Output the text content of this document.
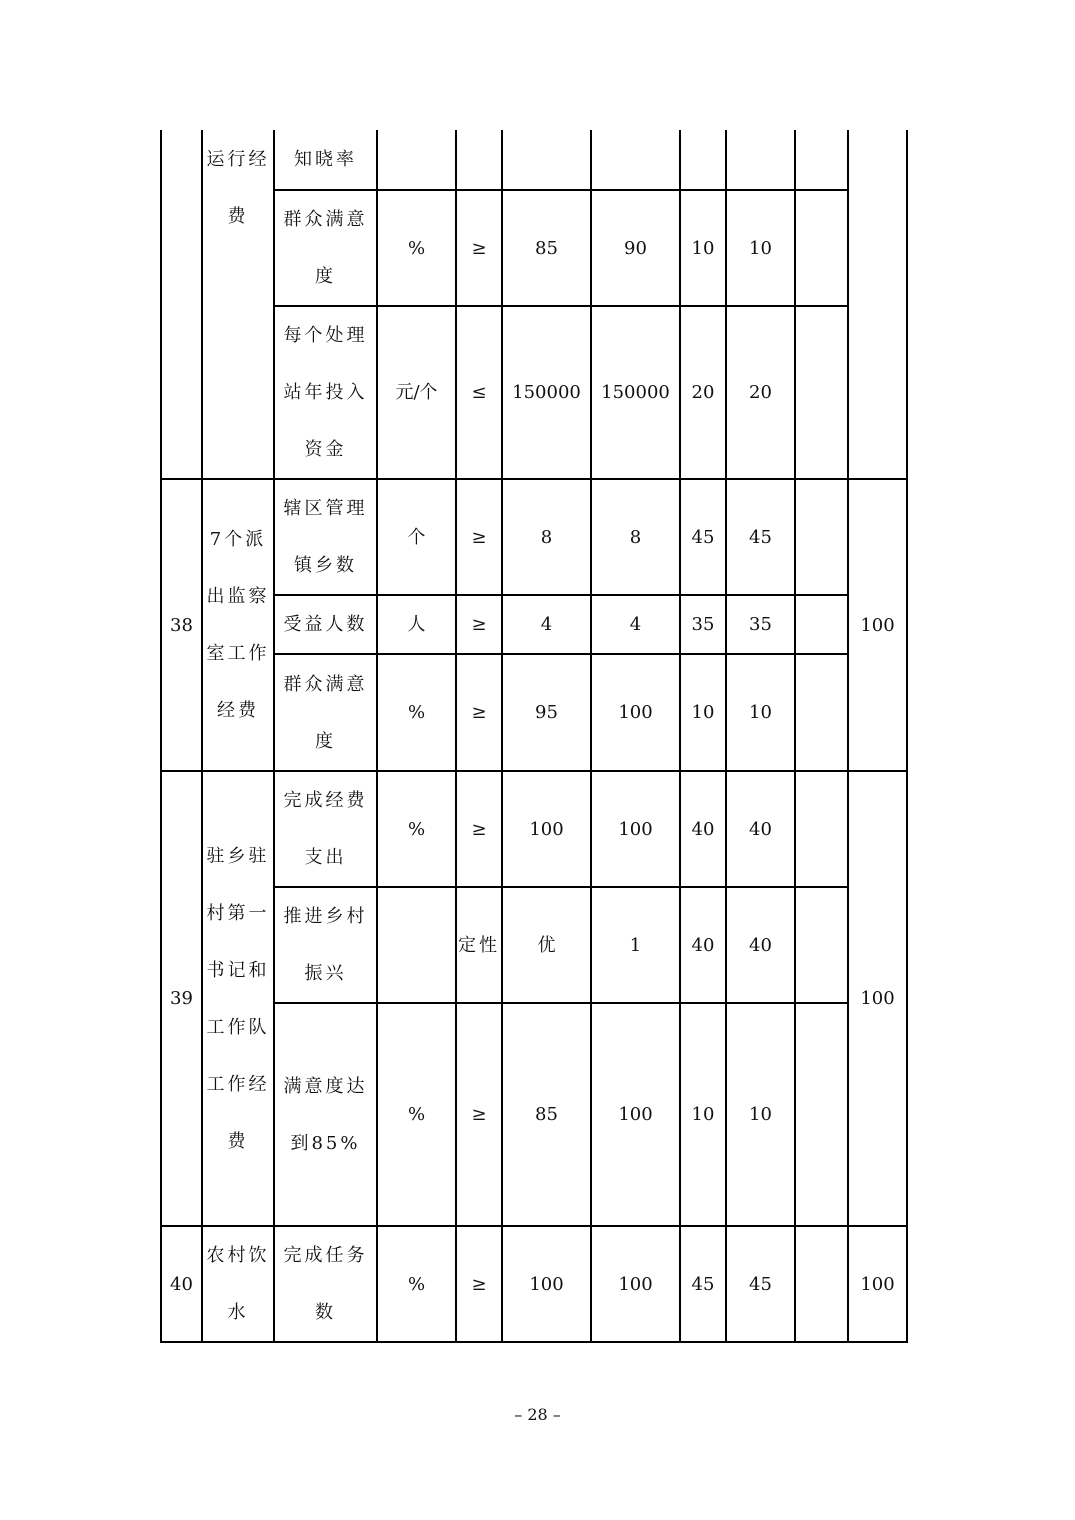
	运行经费	知晓率								
		群众满意度	%	≥	85	90	10	10		
		每个处理站年投入资金	元/个	≤	150000	150000	20	20		
38	7个派出监察室工作经费	辖区管理镇乡数	个	≥	8	8	45	45		100
		受益人数	人	≥	4	4	35	35		
		群众满意度	%	≥	95	100	10	10		
39	驻乡驻村第一书记和工作队工作经费	完成经费支出	%	≥	100	100	40	40		100
		推进乡村振兴		定性	优	1	40	40		
		满意度达到85%	%	≥	85	100	10	10		
40	农村饮水	完成任务数	%	≥	100	100	45	45		100
– 28 –
